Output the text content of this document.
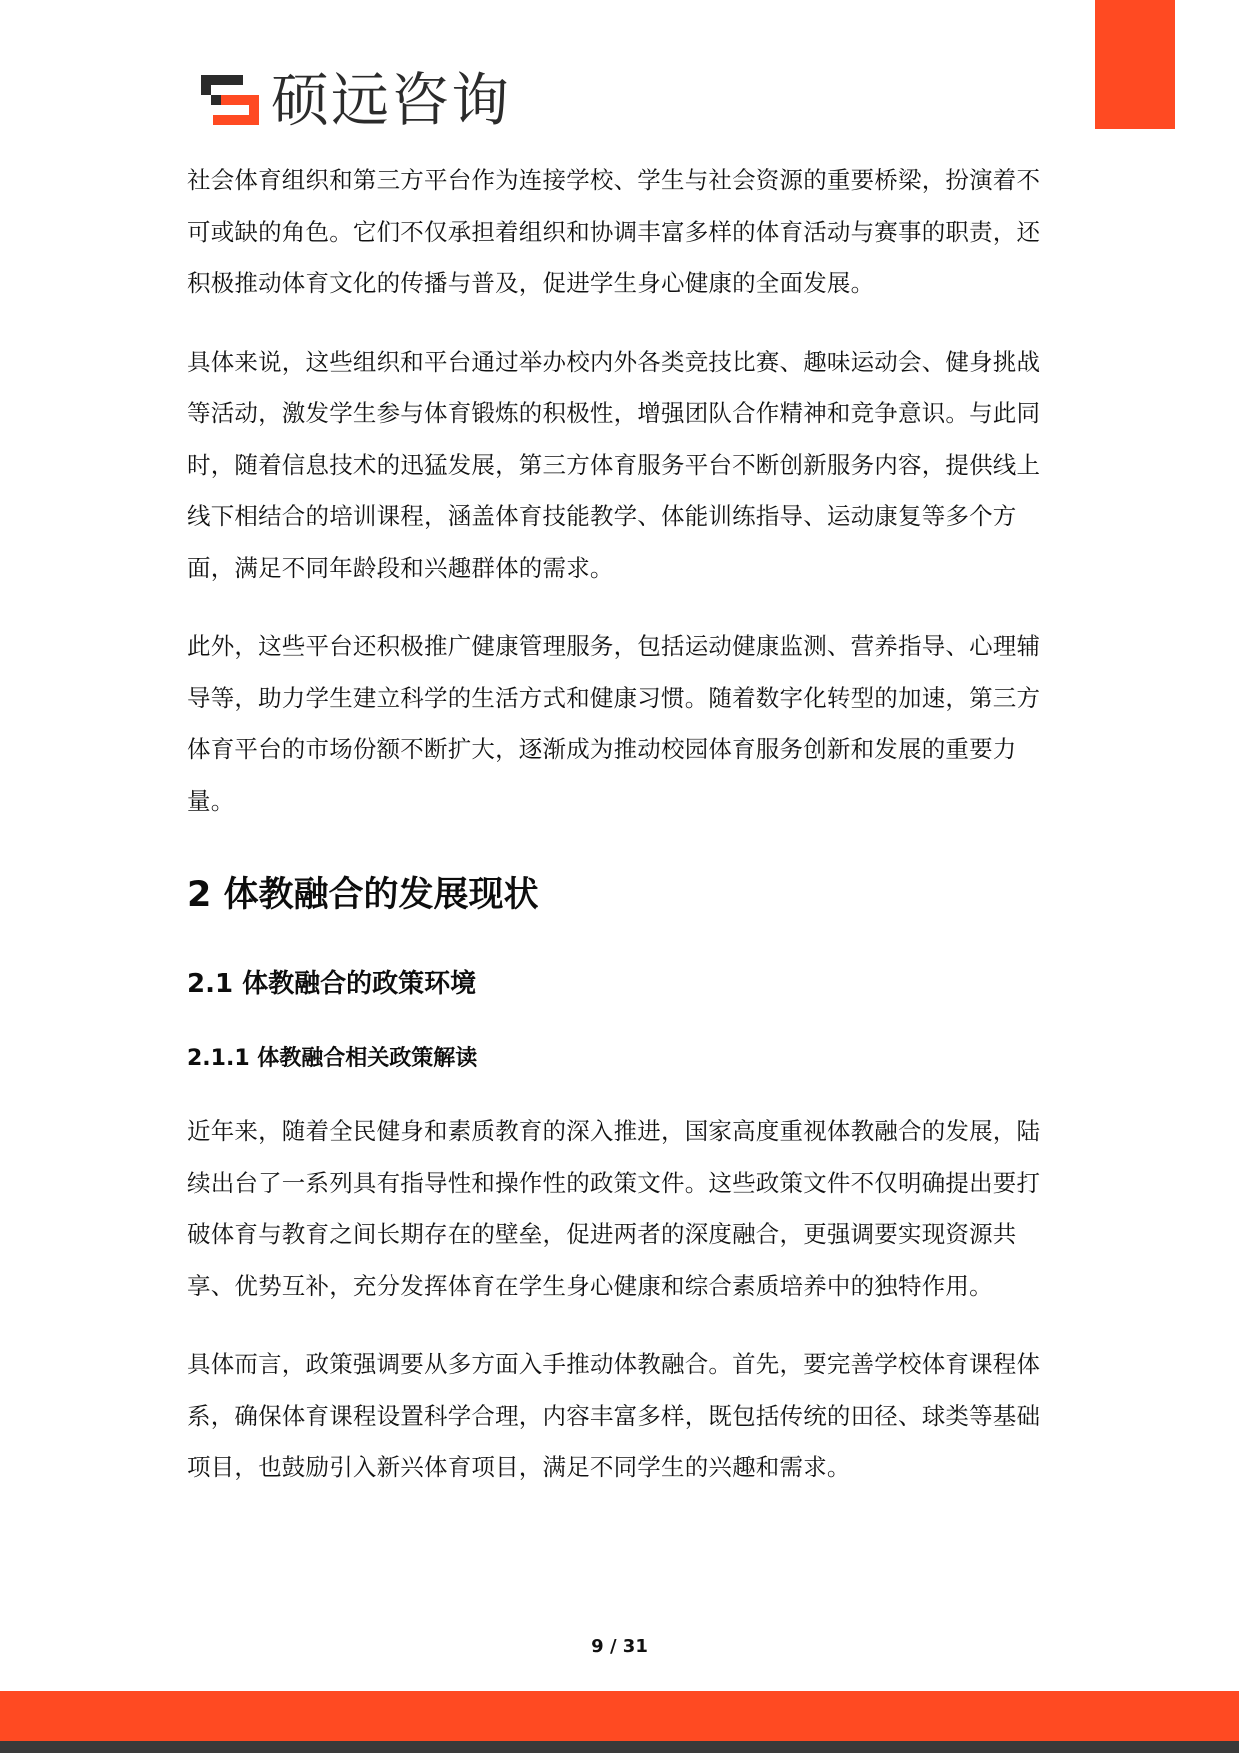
硕远咨询

社会体育组织和第三方平台作为连接学校、学生与社会资源的重要桥梁，扮演着不可或缺的角色。它们不仅承担着组织和协调丰富多样的体育活动与赛事的职责，还积极推动体育文化的传播与普及，促进学生身心健康的全面发展。

具体来说，这些组织和平台通过举办校内外各类竞技比赛、趣味运动会、健身挑战等活动，激发学生参与体育锻炼的积极性，增强团队合作精神和竞争意识。与此同时，随着信息技术的迅猛发展，第三方体育服务平台不断创新服务内容，提供线上线下相结合的培训课程，涵盖体育技能教学、体能训练指导、运动康复等多个方面，满足不同年龄段和兴趣群体的需求。

此外，这些平台还积极推广健康管理服务，包括运动健康监测、营养指导、心理辅导等，助力学生建立科学的生活方式和健康习惯。随着数字化转型的加速，第三方体育平台的市场份额不断扩大，逐渐成为推动校园体育服务创新和发展的重要力量。

2 体教融合的发展现状
2.1 体教融合的政策环境
2.1.1 体教融合相关政策解读

近年来，随着全民健身和素质教育的深入推进，国家高度重视体教融合的发展，陆续出台了一系列具有指导性和操作性的政策文件。这些政策文件不仅明确提出要打破体育与教育之间长期存在的壁垒，促进两者的深度融合，更强调要实现资源共享、优势互补，充分发挥体育在学生身心健康和综合素质培养中的独特作用。

具体而言，政策强调要从多方面入手推动体教融合。首先，要完善学校体育课程体系，确保体育课程设置科学合理，内容丰富多样，既包括传统的田径、球类等基础项目，也鼓励引入新兴体育项目，满足不同学生的兴趣和需求。

9 / 31
